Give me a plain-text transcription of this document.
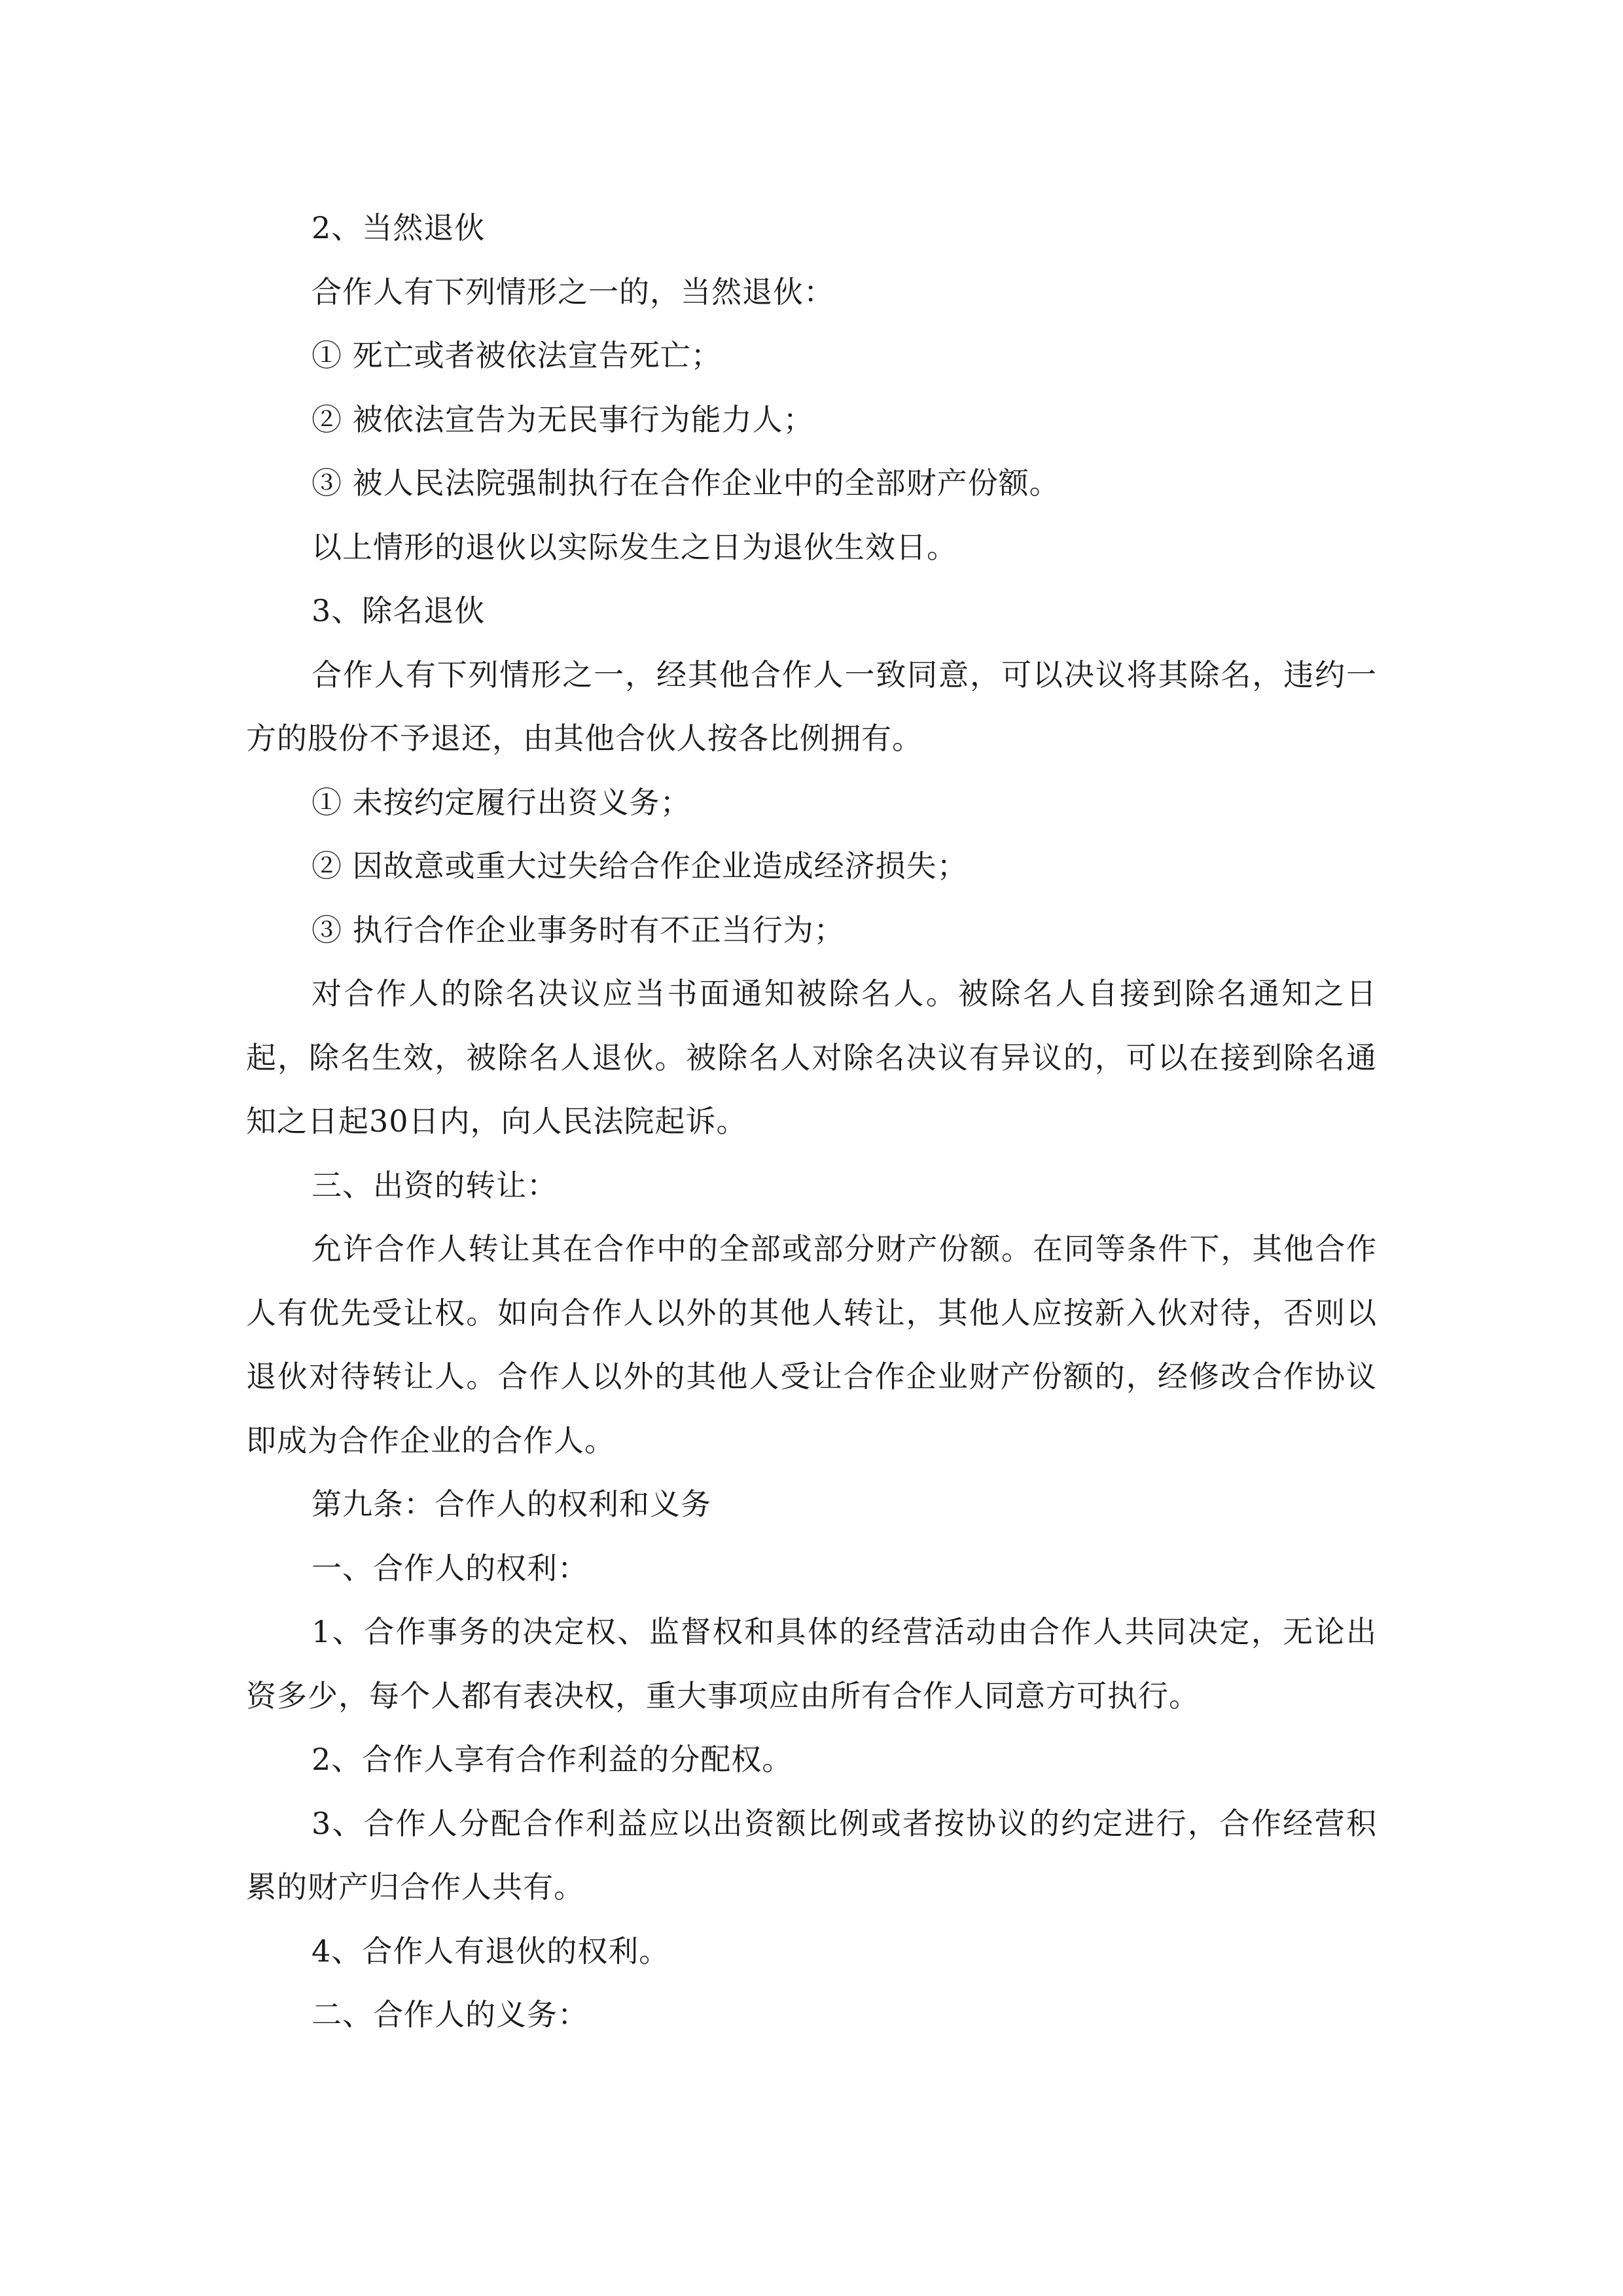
2、当然退伙

合作人有下列情形之一的，当然退伙：

① 死亡或者被依法宣告死亡；

② 被依法宣告为无民事行为能力人；

③ 被人民法院强制执行在合作企业中的全部财产份额。

以上情形的退伙以实际发生之日为退伙生效日。

3、除名退伙

合作人有下列情形之一，经其他合作人一致同意，可以决议将其除名，违约一方的股份不予退还，由其他合伙人按各比例拥有。

① 未按约定履行出资义务；

② 因故意或重大过失给合作企业造成经济损失；

③ 执行合作企业事务时有不正当行为；

对合作人的除名决议应当书面通知被除名人。被除名人自接到除名通知之日起，除名生效，被除名人退伙。被除名人对除名决议有异议的，可以在接到除名通知之日起30日内，向人民法院起诉。

三、出资的转让：

允许合作人转让其在合作中的全部或部分财产份额。在同等条件下，其他合作人有优先受让权。如向合作人以外的其他人转让，其他人应按新入伙对待，否则以退伙对待转让人。合作人以外的其他人受让合作企业财产份额的，经修改合作协议即成为合作企业的合作人。

第九条：合作人的权利和义务

一、合作人的权利：

1、合作事务的决定权、监督权和具体的经营活动由合作人共同决定，无论出资多少，每个人都有表决权，重大事项应由所有合作人同意方可执行。

2、合作人享有合作利益的分配权。

3、合作人分配合作利益应以出资额比例或者按协议的约定进行，合作经营积累的财产归合作人共有。

4、合作人有退伙的权利。

二、合作人的义务：
